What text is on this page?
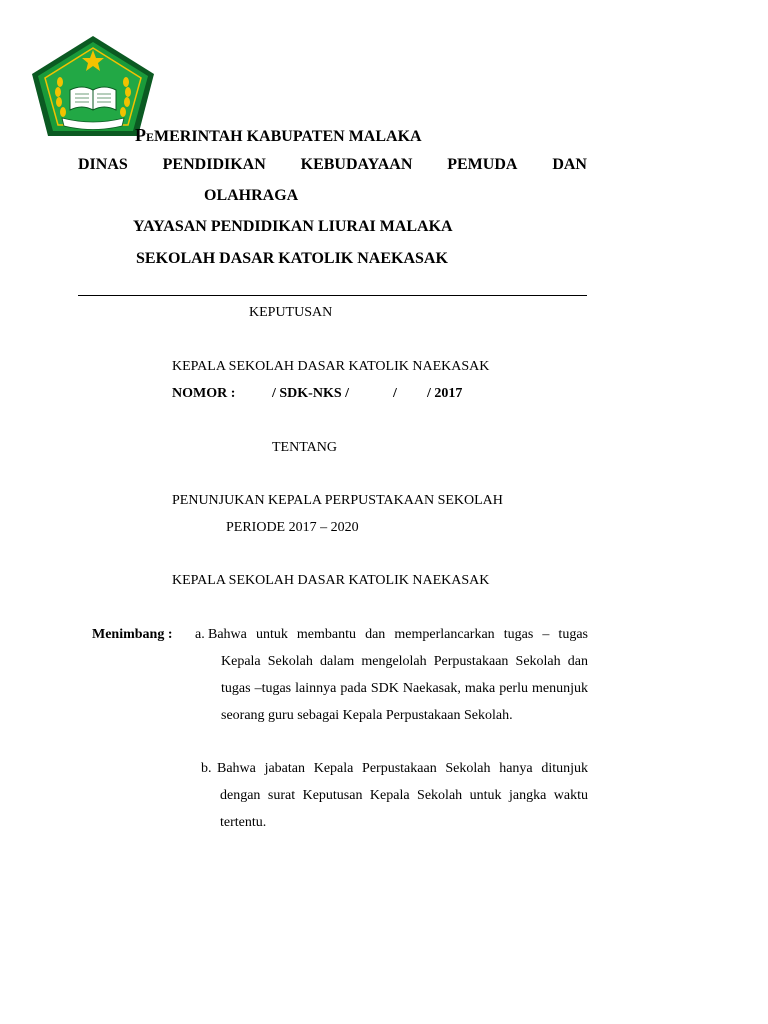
PEMERINTAH KABUPATEN MALAKA
DINAS PENDIDIKAN KEBUDAYAAN PEMUDA DAN
OLAHRAGA
YAYASAN PENDIDIKAN LIURAI MALAKA
SEKOLAH DASAR KATOLIK NAEKASAK
KEPUTUSAN
KEPALA SEKOLAH DASAR KATOLIK NAEKASAK
NOMOR :	/ SDK-NKS /	/ / 2017
TENTANG
PENUNJUKAN KEPALA PERPUSTAKAAN SEKOLAH
PERIODE 2017 – 2020
KEPALA SEKOLAH DASAR KATOLIK NAEKASAK
Menimbang : a. Bahwa untuk membantu dan memperlancarkan tugas – tugas Kepala Sekolah dalam mengelolah Perpustakaan Sekolah dan tugas –tugas lainnya pada SDK Naekasak, maka perlu menunjuk seorang guru sebagai Kepala Perpustakaan Sekolah.
b. Bahwa jabatan Kepala Perpustakaan Sekolah hanya ditunjuk dengan surat Keputusan Kepala Sekolah untuk jangka waktu tertentu.
